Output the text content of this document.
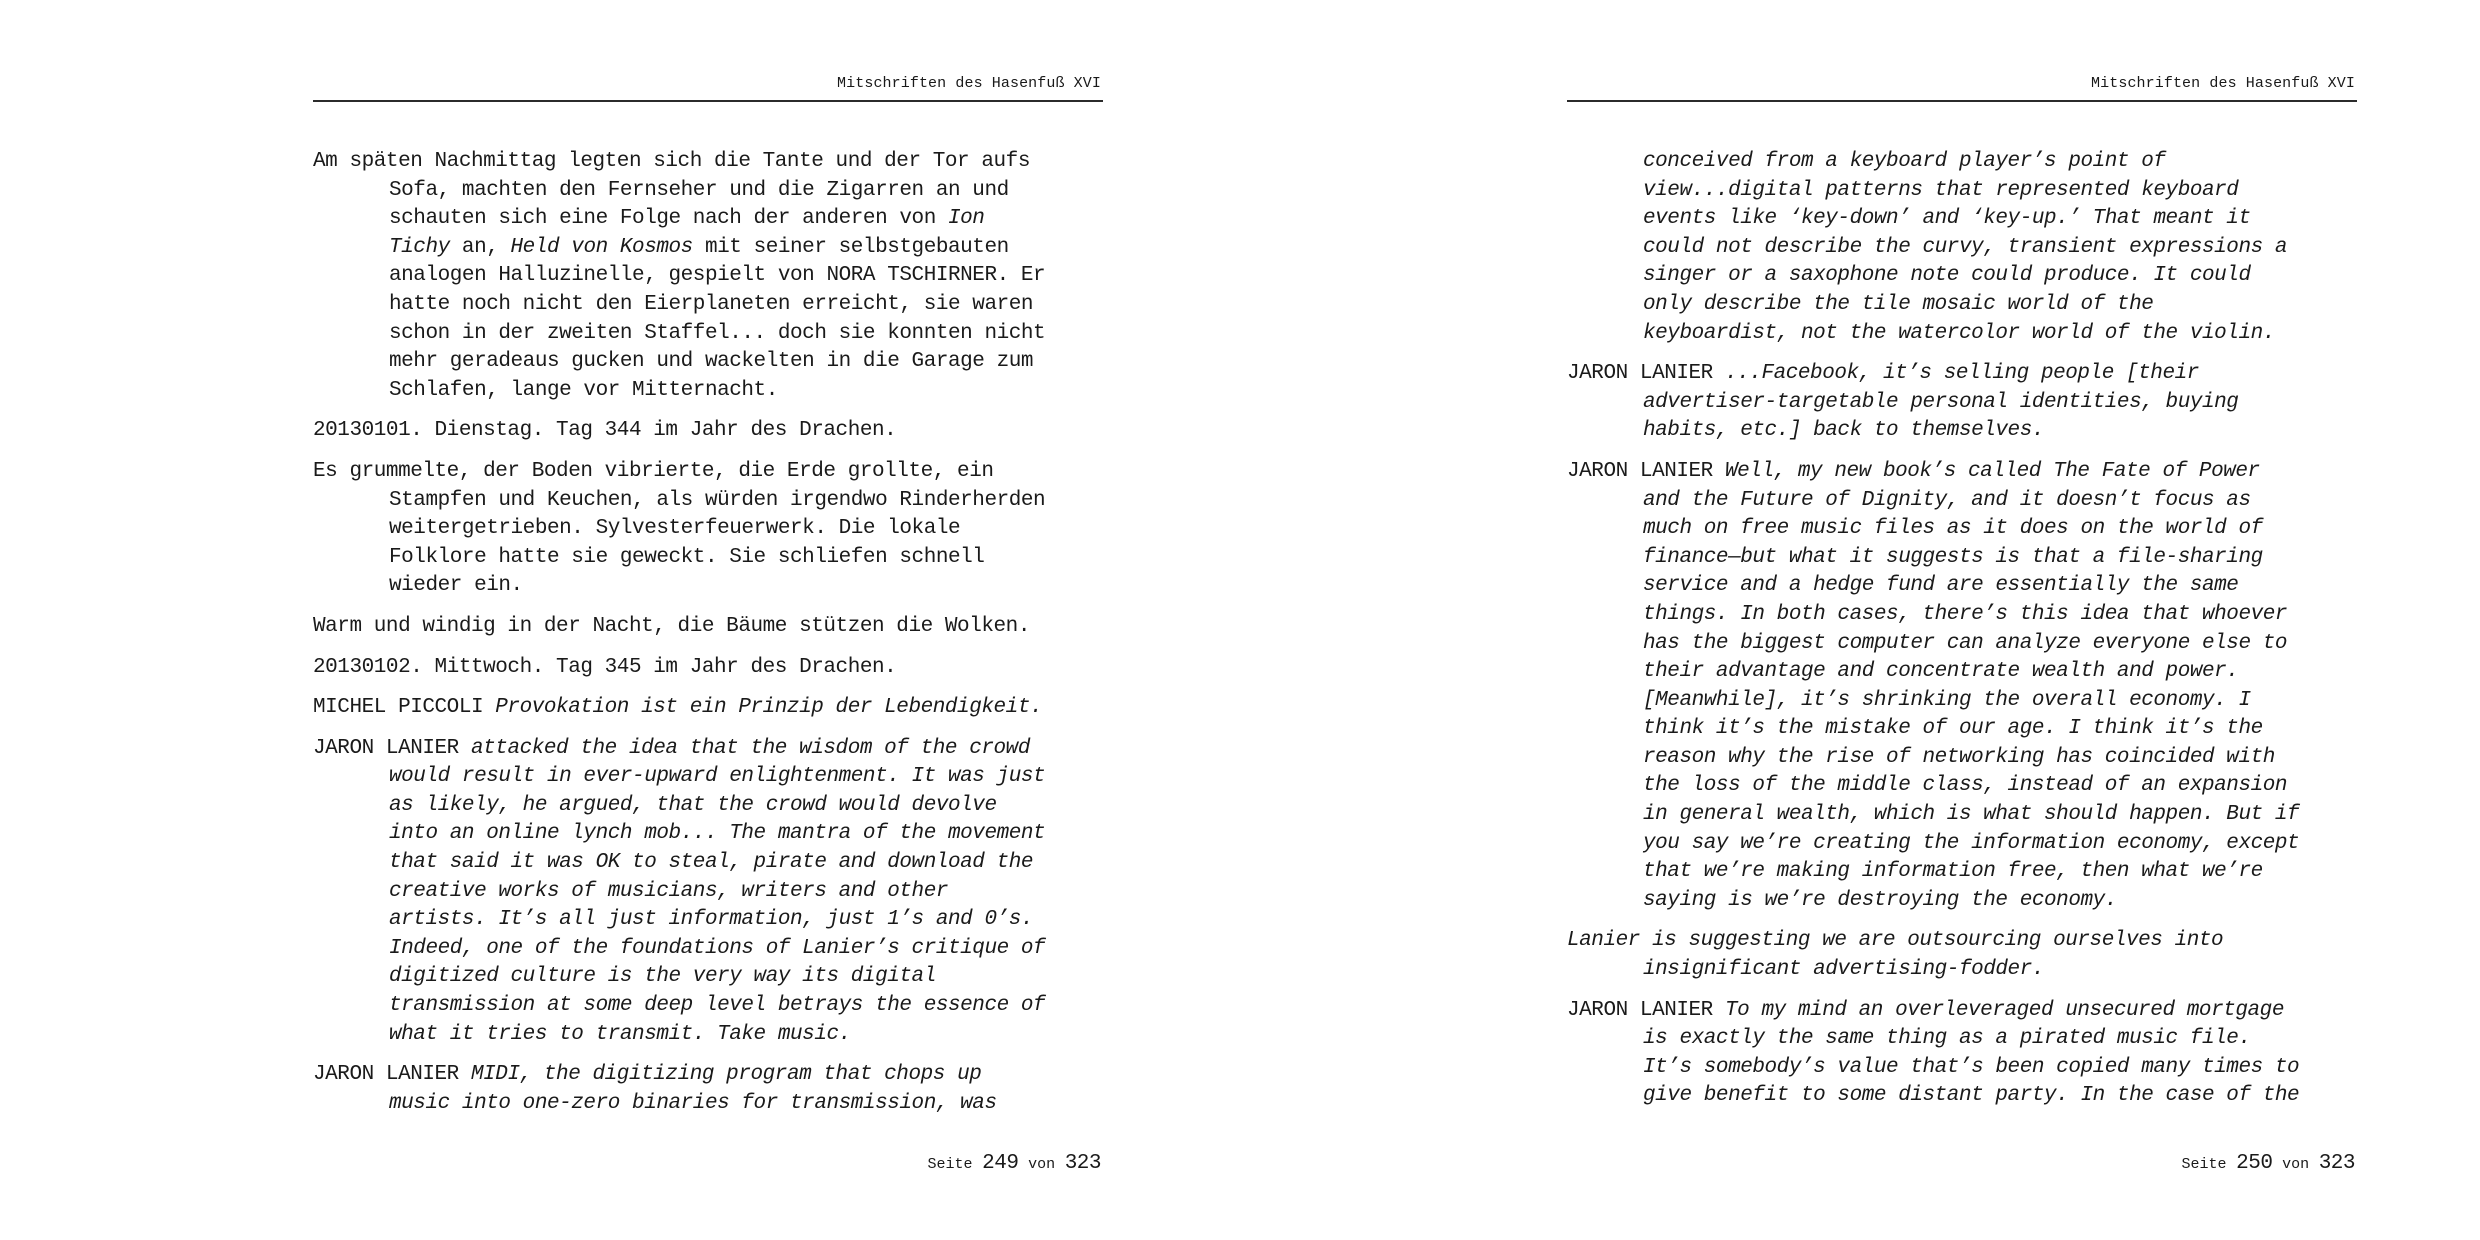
Mitschriften des Hasenfuß XVI

Am späten Nachmittag legten sich die Tante und der Tor aufs
Sofa, machten den Fernseher und die Zigarren an und
schauten sich eine Folge nach der anderen von Ion
Tichy an, Held von Kosmos mit seiner selbstgebauten
analogen Halluzinelle, gespielt von NORA TSCHIRNER. Er
hatte noch nicht den Eierplaneten erreicht, sie waren
schon in der zweiten Staffel... doch sie konnten nicht
mehr geradeaus gucken und wackelten in die Garage zum
Schlafen, lange vor Mitternacht.

20130101. Dienstag. Tag 344 im Jahr des Drachen.

Es grummelte, der Boden vibrierte, die Erde grollte, ein
Stampfen und Keuchen, als würden irgendwo Rinderherden
weitergetrieben. Sylvesterfeuerwerk. Die lokale
Folklore hatte sie geweckt. Sie schliefen schnell
wieder ein.

Warm und windig in der Nacht, die Bäume stützen die Wolken.

20130102. Mittwoch. Tag 345 im Jahr des Drachen.

MICHEL PICCOLI Provokation ist ein Prinzip der Lebendigkeit.

JARON LANIER attacked the idea that the wisdom of the crowd
would result in ever-upward enlightenment. It was just
as likely, he argued, that the crowd would devolve
into an online lynch mob... The mantra of the movement
that said it was OK to steal, pirate and download the
creative works of musicians, writers and other
artists. It’s all just information, just 1’s and 0’s.
Indeed, one of the foundations of Lanier’s critique of
digitized culture is the very way its digital
transmission at some deep level betrays the essence of
what it tries to transmit. Take music.

JARON LANIER MIDI, the digitizing program that chops up
music into one-zero binaries for transmission, was

Seite 249 von 323
Mitschriften des Hasenfuß XVI

conceived from a keyboard player’s point of
view...digital patterns that represented keyboard
events like ‘key-down’ and ‘key-up.’ That meant it
could not describe the curvy, transient expressions a
singer or a saxophone note could produce. It could
only describe the tile mosaic world of the
keyboardist, not the watercolor world of the violin.

JARON LANIER ...Facebook, it’s selling people [their
advertiser-targetable personal identities, buying
habits, etc.] back to themselves.

JARON LANIER Well, my new book’s called The Fate of Power
and the Future of Dignity, and it doesn’t focus as
much on free music files as it does on the world of
finance—but what it suggests is that a file-sharing
service and a hedge fund are essentially the same
things. In both cases, there’s this idea that whoever
has the biggest computer can analyze everyone else to
their advantage and concentrate wealth and power.
[Meanwhile], it’s shrinking the overall economy. I
think it’s the mistake of our age. I think it’s the
reason why the rise of networking has coincided with
the loss of the middle class, instead of an expansion
in general wealth, which is what should happen. But if
you say we’re creating the information economy, except
that we’re making information free, then what we’re
saying is we’re destroying the economy.

Lanier is suggesting we are outsourcing ourselves into
insignificant advertising-fodder.

JARON LANIER To my mind an overleveraged unsecured mortgage
is exactly the same thing as a pirated music file.
It’s somebody’s value that’s been copied many times to
give benefit to some distant party. In the case of the

Seite 250 von 323
